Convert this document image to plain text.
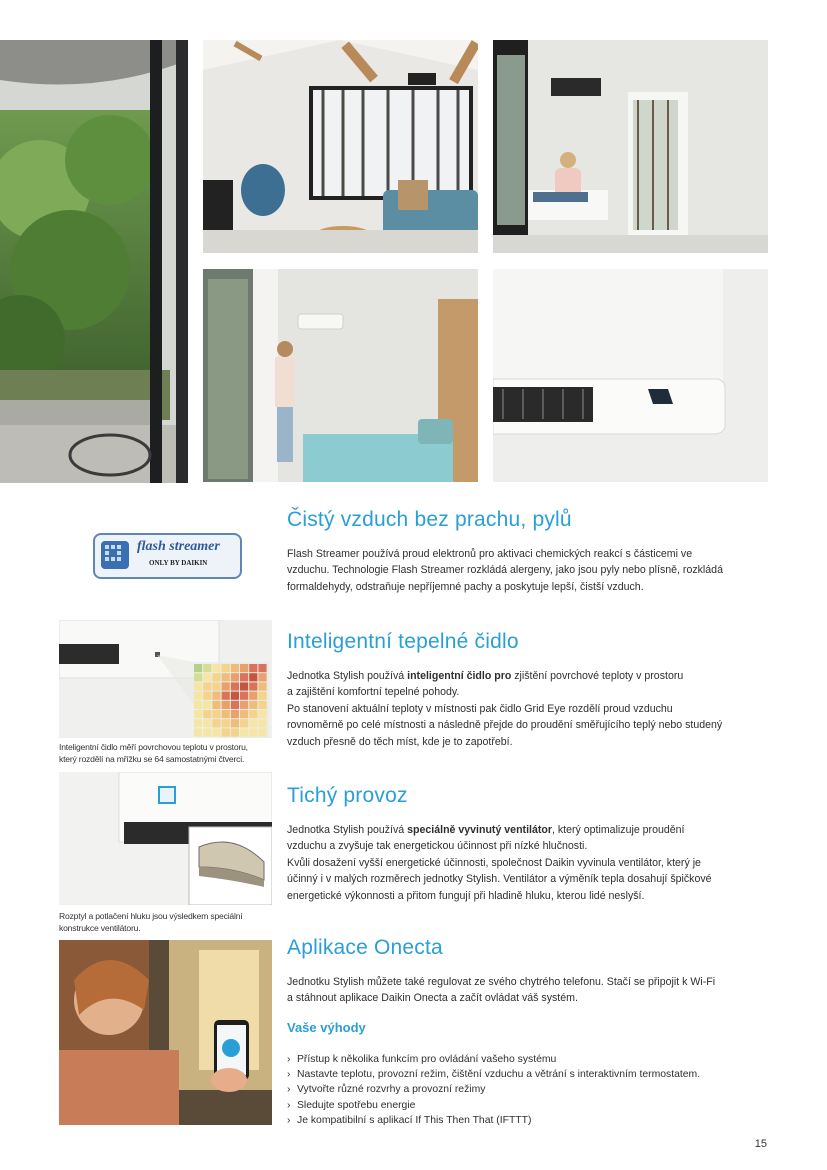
flash streamer
ONLY BY DAIKIN
Čistý vzduch bez prachu, pylů
Flash Streamer používá proud elektronů pro aktivaci chemických reakcí s částicemi ve
vzduchu. Technologie Flash Streamer rozkládá alergeny, jako jsou pyly nebo plísně, rozkládá
formaldehydy, odstraňuje nepříjemné pachy a poskytuje lepší, čistší vzduch.
Inteligentní čidlo měří povrchovou teplotu v prostoru,
který rozdělí na mřížku se 64 samostatnými čtverci.
Inteligentní tepelné čidlo
Jednotka Stylish používá inteligentní čidlo pro zjištění povrchové teploty v prostoru
a zajištění komfortní tepelné pohody.
Po stanovení aktuální teploty v místnosti pak čidlo Grid Eye rozdělí proud vzduchu
rovnoměrně po celé místnosti a následně přejde do proudění směřujícího teplý nebo studený
vzduch přesně do těch míst, kde je to zapotřebí.
Rozptyl a potlačení hluku jsou výsledkem speciální
konstrukce ventilátoru.
Tichý provoz
Jednotka Stylish používá speciálně vyvinutý ventilátor, který optimalizuje proudění
vzduchu a zvyšuje tak energetickou účinnost při nízké hlučnosti.
Kvůli dosažení vyšší energetické účinnosti, společnost Daikin vyvinula ventilátor, který je
účinný i v malých rozměrech jednotky Stylish. Ventilátor a výměník tepla dosahují špičkové
energetické výkonnosti a přitom fungují při hladině hluku, kterou lidé neslyší.
Aplikace Onecta
Jednotku Stylish můžete také regulovat ze svého chytrého telefonu. Stačí se připojit k Wi-Fi
a stáhnout aplikace Daikin Onecta a začít ovládat váš systém.
Vaše výhody
› Přístup k několika funkcím pro ovládání vašeho systému
› Nastavte teplotu, provozní režim, čištění vzduchu a větrání s interaktivním termostatem.
› Vytvořte různé rozvrhy a provozní režimy
› Sledujte spotřebu energie
› Je kompatibilní s aplikací If This Then That (IFTTT)
15
